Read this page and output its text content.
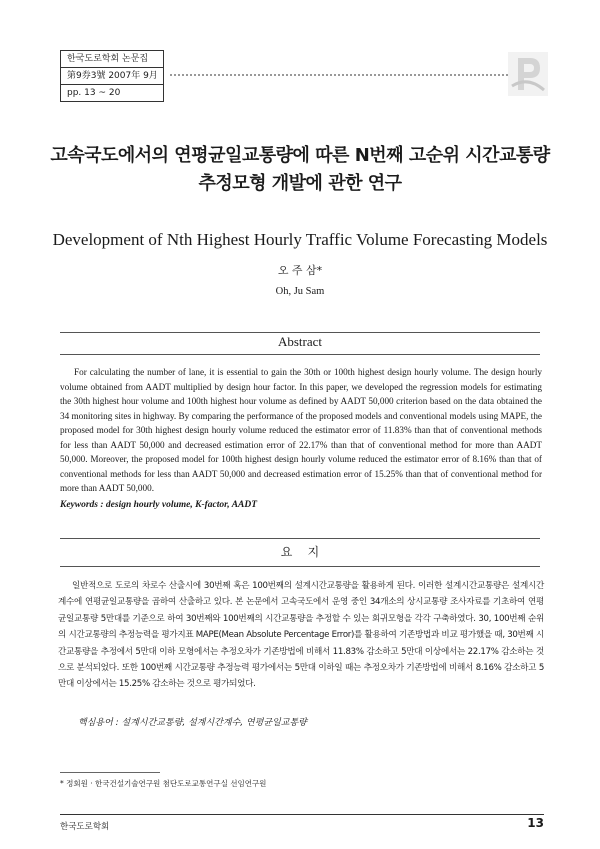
한국도로학회 논문집
第9券3號 2007年 9月
pp. 13 ~ 20
고속국도에서의 연평균일교통량에 따른 N번째 고순위 시간교통량
추정모형 개발에 관한 연구
Development of Nth Highest Hourly Traffic Volume Forecasting Models
오 주 삼*
Oh, Ju Sam
Abstract
For calculating the number of lane, it is essential to gain the 30th or 100th highest design hourly volume. The design hourly volume obtained from AADT multiplied by design hour factor. In this paper, we developed the regression models for estimating the 30th highest hour volume and 100th highest hour volume as defined by AADT 50,000 criterion based on the data obtained the 34 monitoring sites in highway. By comparing the performance of the proposed models and conventional models using MAPE, the proposed model for 30th highest design hourly volume reduced the estimator error of 11.83% than that of conventional methods for less than AADT 50,000 and decreased estimation error of 22.17% than that of conventional method for more than AADT 50,000. Moreover, the proposed model for 100th highest design hourly volume reduced the estimator error of 8.16% than that of conventional methods for less than AADT 50,000 and decreased estimation error of 15.25% than that of conventional method for more than AADT 50,000.
Keywords : design hourly volume, K-factor, AADT
요    지
일반적으로 도로의 차로수 산출시에 30번째 혹은 100번째의 설계시간교통량을 활용하게 된다. 이러한 설계시간교통량은 설계시간계수에 연평균일교통량을 곱하여 산출하고 있다. 본 논문에서 고속국도에서 운영 중인 34개소의 상시교통량 조사자료를 기초하여 연평균일교통량 5만대를 기준으로 하여 30번째와 100번째의 시간교통량을 추정할 수 있는 회귀모형을 각각 구축하였다. 30, 100번째 순위의 시간교통량의 추정능력을 평가지표 MAPE(Mean Absolute Percentage Error)를 활용하여 기존방법과 비교 평가했을 때, 30번째 시간교통량을 추정에서 5만대 이하 모형에서는 추정오차가 기존방법에 비해서 11.83% 감소하고 5만대 이상에서는 22.17% 감소하는 것으로 분석되었다. 또한 100번째 시간교통량 추정능력 평가에서는 5만대 이하일 때는 추정오차가 기존방법에 비해서 8.16% 감소하고 5만대 이상에서는 15.25% 감소하는 것으로 평가되었다.
핵심용어 : 설계시간교통량, 설계시간계수, 연평균일교통량
* 정회원 · 한국건설기술연구원 첨단도로교통연구실 선임연구원
한국도로학회	13
